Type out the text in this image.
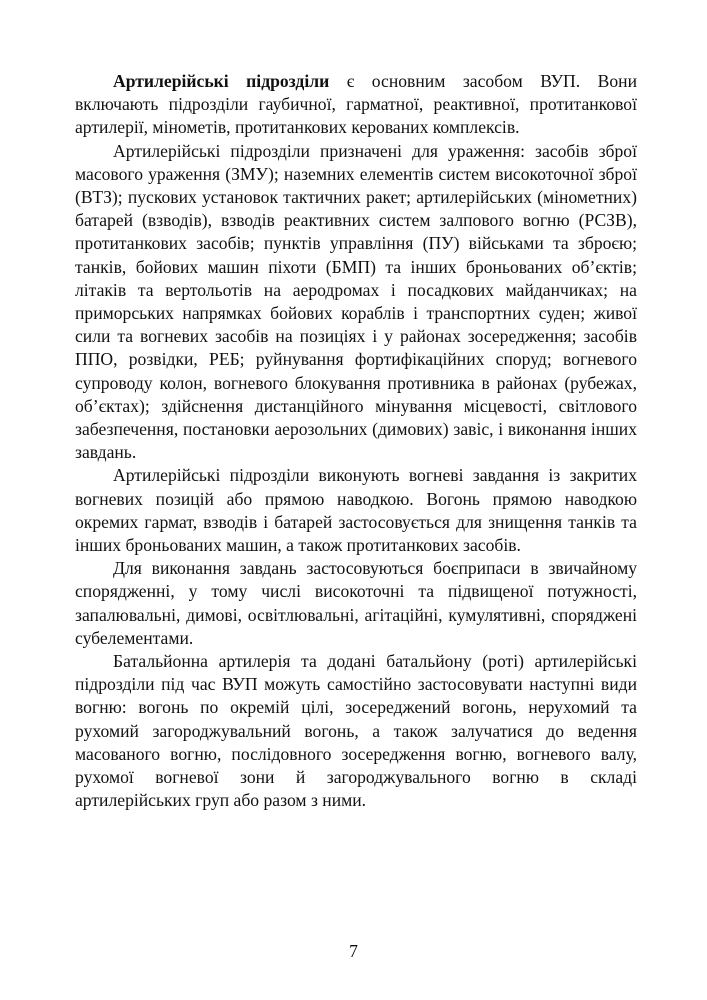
Артилерійські підрозділи є основним засобом ВУП. Вони включають підрозділи гаубичної, гарматної, реактивної, протитанкової артилерії, мінометів, протитанкових керованих комплексів.

Артилерійські підрозділи призначені для ураження: засобів зброї масового ураження (ЗМУ); наземних елементів систем високоточної зброї (ВТЗ); пускових установок тактичних ракет; артилерійських (мінометних) батарей (взводів), взводів реактивних систем залпового вогню (РСЗВ), протитанкових засобів; пунктів управління (ПУ) військами та зброєю; танків, бойових машин піхоти (БМП) та інших броньованих об’єктів; літаків та вертольотів на аеродромах і посадкових майданчиках; на приморських напрямках бойових кораблів і транспортних суден; живої сили та вогневих засобів на позиціях і у районах зосередження; засобів ППО, розвідки, РЕБ; руйнування фортифікаційних споруд; вогневого супроводу колон, вогневого блокування противника в районах (рубежах, об’єктах); здійснення дистанційного мінування місцевості, світлового забезпечення, постановки аерозольних (димових) завіс, і виконання інших завдань.

Артилерійські підрозділи виконують вогневі завдання із закритих вогневих позицій або прямою наводкою. Вогонь прямою наводкою окремих гармат, взводів і батарей застосовується для знищення танків та інших броньованих машин, а також протитанкових засобів.

Для виконання завдань застосовуються боєприпаси в звичайному спорядженні, у тому числі високоточні та підвищеної потужності, запалювальні, димові, освітлювальні, агітаційні, кумулятивні, споряджені субелементами.

Батальйонна артилерія та додані батальйону (роті) артилерійські підрозділи під час ВУП можуть самостійно застосовувати наступні види вогню: вогонь по окремій цілі, зосереджений вогонь, нерухомий та рухомий загороджувальний вогонь, а також залучатися до ведення масованого вогню, послідовного зосередження вогню, вогневого валу, рухомої вогневої зони й загороджувального вогню в складі артилерійських груп або разом з ними.

7
